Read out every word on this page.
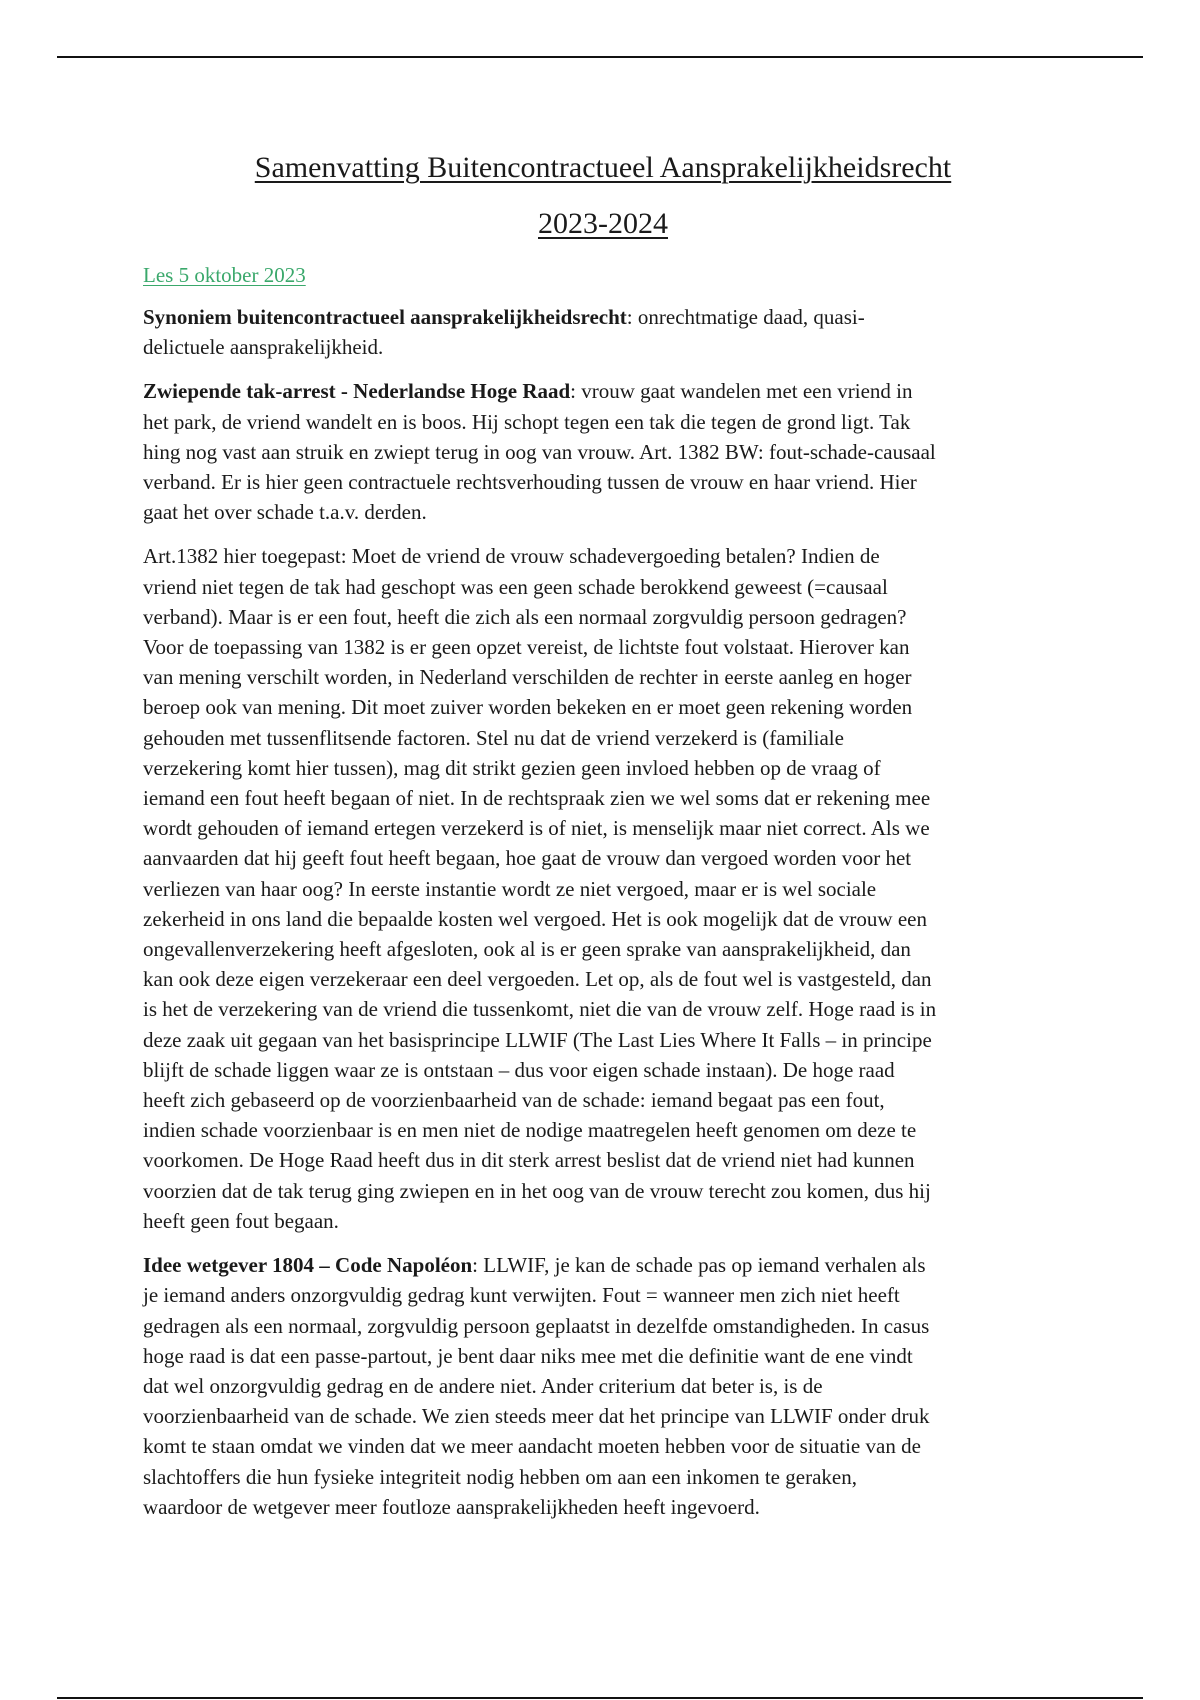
Samenvatting Buitencontractueel Aansprakelijkheidsrecht
2023-2024
Les 5 oktober 2023

Synoniem buitencontractueel aansprakelijkheidsrecht: onrechtmatige daad, quasi-
delictuele aansprakelijkheid.

Zwiepende tak-arrest - Nederlandse Hoge Raad: vrouw gaat wandelen met een vriend in
het park, de vriend wandelt en is boos. Hij schopt tegen een tak die tegen de grond ligt. Tak
hing nog vast aan struik en zwiept terug in oog van vrouw. Art. 1382 BW: fout-schade-causaal
verband. Er is hier geen contractuele rechtsverhouding tussen de vrouw en haar vriend. Hier
gaat het over schade t.a.v. derden.

Art.1382 hier toegepast: Moet de vriend de vrouw schadevergoeding betalen? Indien de
vriend niet tegen de tak had geschopt was een geen schade berokkend geweest (=causaal
verband). Maar is er een fout, heeft die zich als een normaal zorgvuldig persoon gedragen?
Voor de toepassing van 1382 is er geen opzet vereist, de lichtste fout volstaat. Hierover kan
van mening verschilt worden, in Nederland verschilden de rechter in eerste aanleg en hoger
beroep ook van mening. Dit moet zuiver worden bekeken en er moet geen rekening worden
gehouden met tussenflitsende factoren. Stel nu dat de vriend verzekerd is (familiale
verzekering komt hier tussen), mag dit strikt gezien geen invloed hebben op de vraag of
iemand een fout heeft begaan of niet. In de rechtspraak zien we wel soms dat er rekening mee
wordt gehouden of iemand ertegen verzekerd is of niet, is menselijk maar niet correct. Als we
aanvaarden dat hij geeft fout heeft begaan, hoe gaat de vrouw dan vergoed worden voor het
verliezen van haar oog? In eerste instantie wordt ze niet vergoed, maar er is wel sociale
zekerheid in ons land die bepaalde kosten wel vergoed. Het is ook mogelijk dat de vrouw een
ongevallenverzekering heeft afgesloten, ook al is er geen sprake van aansprakelijkheid, dan
kan ook deze eigen verzekeraar een deel vergoeden. Let op, als de fout wel is vastgesteld, dan
is het de verzekering van de vriend die tussenkomt, niet die van de vrouw zelf. Hoge raad is in
deze zaak uit gegaan van het basisprincipe LLWIF (The Last Lies Where It Falls – in principe
blijft de schade liggen waar ze is ontstaan – dus voor eigen schade instaan). De hoge raad
heeft zich gebaseerd op de voorzienbaarheid van de schade: iemand begaat pas een fout,
indien schade voorzienbaar is en men niet de nodige maatregelen heeft genomen om deze te
voorkomen. De Hoge Raad heeft dus in dit sterk arrest beslist dat de vriend niet had kunnen
voorzien dat de tak terug ging zwiepen en in het oog van de vrouw terecht zou komen, dus hij
heeft geen fout begaan.

Idee wetgever 1804 – Code Napoléon: LLWIF, je kan de schade pas op iemand verhalen als
je iemand anders onzorgvuldig gedrag kunt verwijten. Fout = wanneer men zich niet heeft
gedragen als een normaal, zorgvuldig persoon geplaatst in dezelfde omstandigheden. In casus
hoge raad is dat een passe-partout, je bent daar niks mee met die definitie want de ene vindt
dat wel onzorgvuldig gedrag en de andere niet. Ander criterium dat beter is, is de
voorzienbaarheid van de schade. We zien steeds meer dat het principe van LLWIF onder druk
komt te staan omdat we vinden dat we meer aandacht moeten hebben voor de situatie van de
slachtoffers die hun fysieke integriteit nodig hebben om aan een inkomen te geraken,
waardoor de wetgever meer foutloze aansprakelijkheden heeft ingevoerd.
